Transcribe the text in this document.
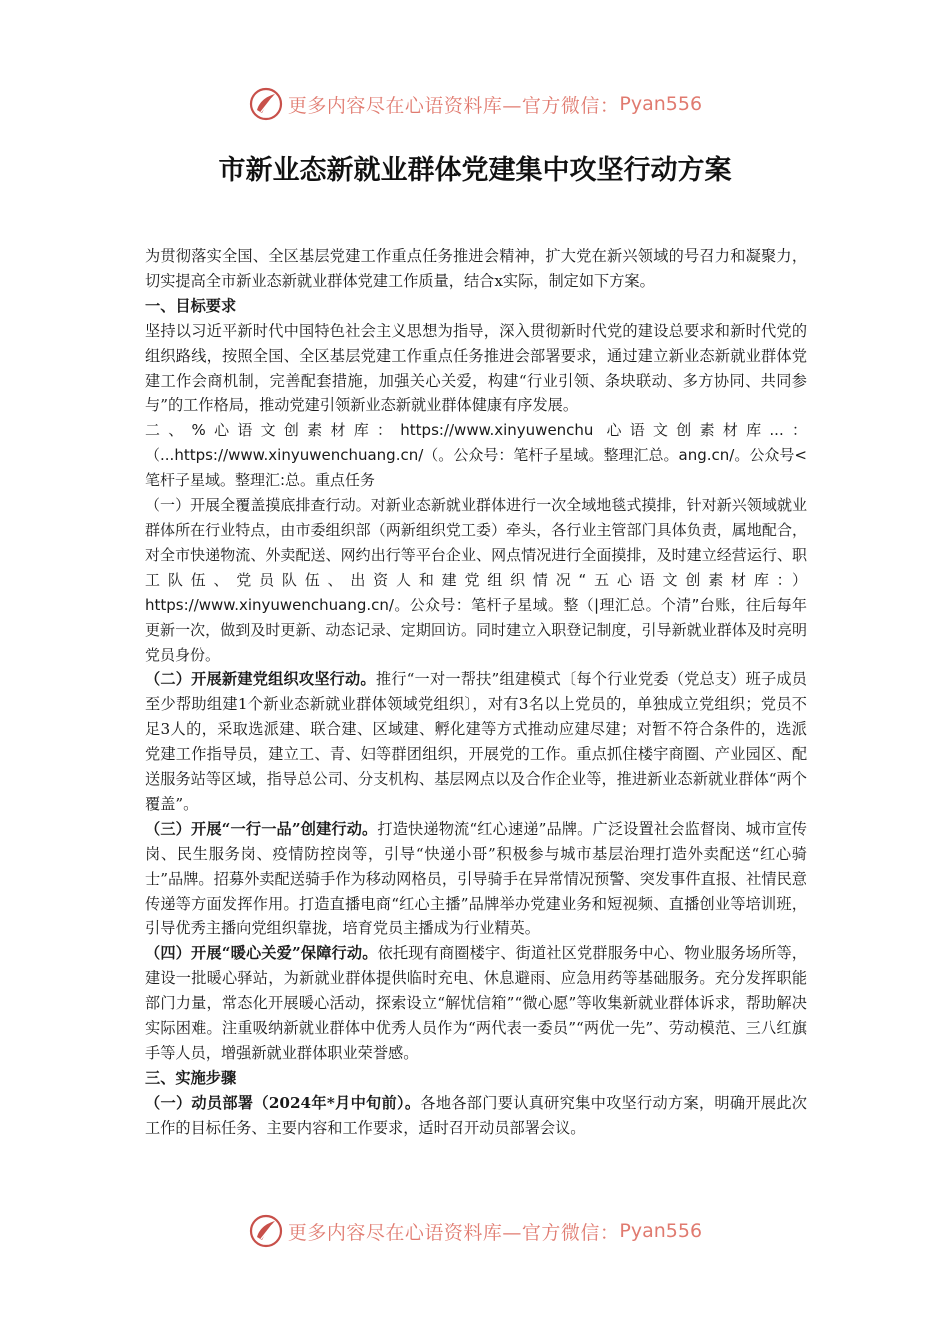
更多内容尽在心语资料库—官方微信： Pyan556
市新业态新就业群体党建集中攻坚行动方案

为贯彻落实全国、全区基层党建工作重点任务推进会精神，扩大党在新兴领域的号召力和凝聚力，切实提高全市新业态新就业群体党建工作质量，结合x实际，制定如下方案。

一、目标要求

坚持以习近平新时代中国特色社会主义思想为指导，深入贯彻新时代党的建设总要求和新时代党的组织路线，按照全国、全区基层党建工作重点任务推进会部署要求，通过建立新业态新就业群体党建工作会商机制，完善配套措施，加强关心关爱，构建“行业引领、条块联动、多方协同、共同参与”的工作格局，推动党建引领新业态新就业群体健康有序发展。

二、%心语文创素材库：https://www.xinyuwenchu 心语文创素材库...：（...https://www.xinyuwenchuang.cn/（。公众号：笔杆子星域。整理汇总。ang.cn/。公众号<笔杆子星域。整理汇:总。重点任务

（一）开展全覆盖摸底排查行动。对新业态新就业群体进行一次全域地毯式摸排，针对新兴领域就业群体所在行业特点，由市委组织部（两新组织党工委）牵头，各行业主管部门具体负责，属地配合，对全市快递物流、外卖配送、网约出行等平台企业、网点情况进行全面摸排，及时建立经营运行、职工队伍、党员队伍、出资人和建党组织情况“五心语文创素材库：）https://www.xinyuwenchuang.cn/。公众号：笔杆子星域。整（|理汇总。个清”台账，往后每年更新一次，做到及时更新、动态记录、定期回访。同时建立入职登记制度，引导新就业群体及时亮明党员身份。

（二）开展新建党组织攻坚行动。推行“一对一帮扶”组建模式〔每个行业党委（党总支）班子成员至少帮助组建1个新业态新就业群体领域党组织〕，对有3名以上党员的，单独成立党组织；党员不足3人的，采取选派建、联合建、区域建、孵化建等方式推动应建尽建；对暂不符合条件的，选派党建工作指导员，建立工、青、妇等群团组织，开展党的工作。重点抓住楼宇商圈、产业园区、配送服务站等区域，指导总公司、分支机构、基层网点以及合作企业等，推进新业态新就业群体“两个覆盖”。

（三）开展“一行一品”创建行动。打造快递物流“红心速递”品牌。广泛设置社会监督岗、城市宣传岗、民生服务岗、疫情防控岗等，引导“快递小哥”积极参与城市基层治理打造外卖配送“红心骑士”品牌。招募外卖配送骑手作为移动网格员，引导骑手在异常情况预警、突发事件直报、社情民意传递等方面发挥作用。打造直播电商“红心主播”品牌举办党建业务和短视频、直播创业等培训班，引导优秀主播向党组织靠拢，培育党员主播成为行业精英。

（四）开展“暖心关爱”保障行动。依托现有商圈楼宇、街道社区党群服务中心、物业服务场所等，建设一批暖心驿站，为新就业群体提供临时充电、休息避雨、应急用药等基础服务。充分发挥职能部门力量，常态化开展暖心活动，探索设立“解忧信箱”“微心愿”等收集新就业群体诉求，帮助解决实际困难。注重吸纳新就业群体中优秀人员作为“两代表一委员”“两优一先”、劳动模范、三八红旗手等人员，增强新就业群体职业荣誉感。

三、实施步骤

（一）动员部署（2024年*月中旬前）。各地各部门要认真研究集中攻坚行动方案，明确开展此次工作的目标任务、主要内容和工作要求，适时召开动员部署会议。

更多内容尽在心语资料库—官方微信： Pyan556
